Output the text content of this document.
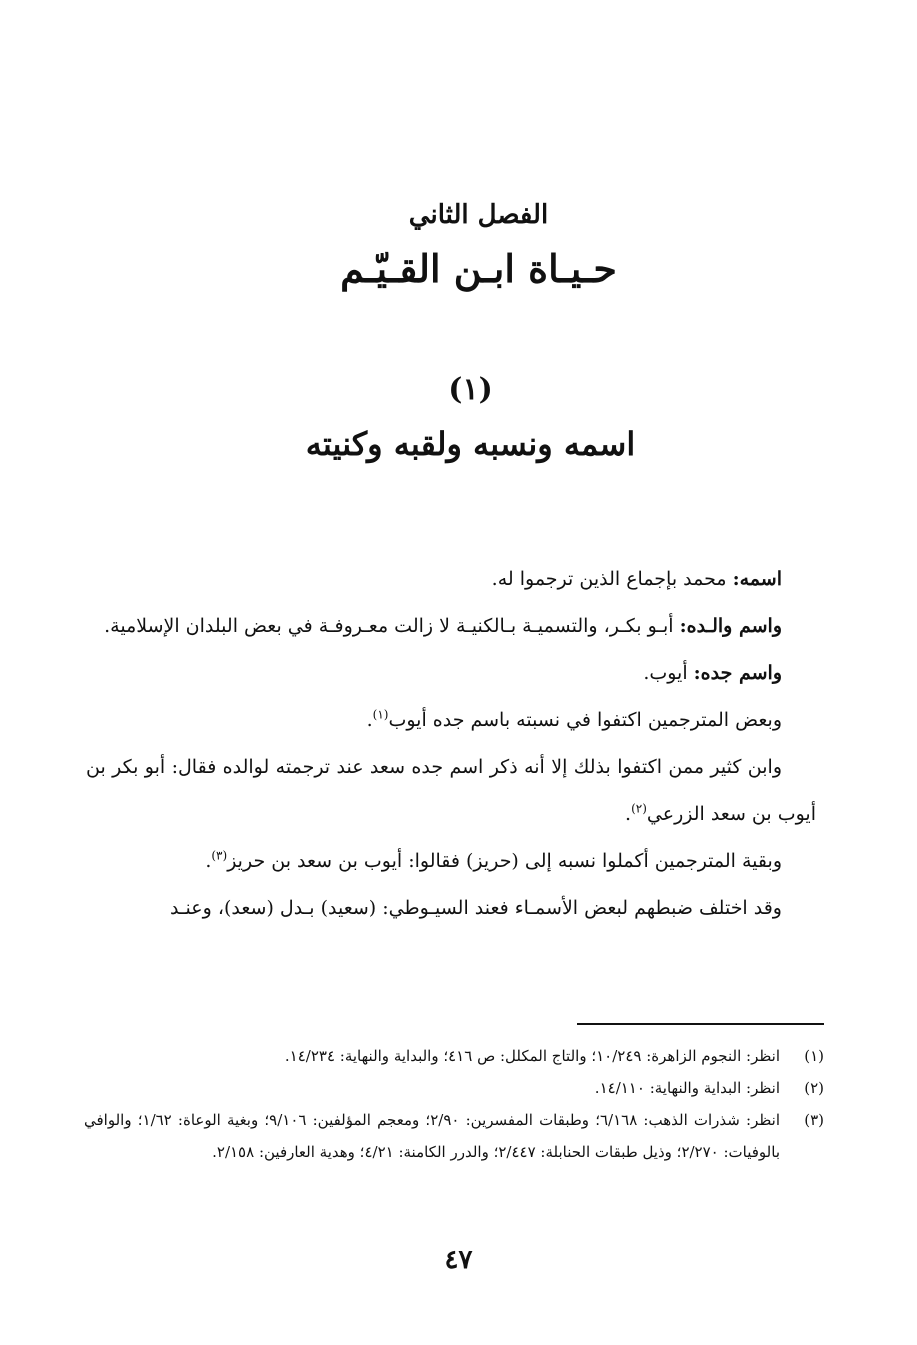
الفصل الثاني
حـيـاة ابـن القـيّـم
(١)
اسمه ونسبه ولقبه وكنيته

اسمه: محمد بإجماع الذين ترجموا له.

واسم والـده: أبـو بكـر، والتسميـة بـالكنيـة لا زالت معـروفـة في بعض البلدان الإسلامية.

واسم جده: أيوب.

وبعض المترجمين اكتفوا في نسبته باسم جده أيوب$^{(١)}$.

وابن كثير ممن اكتفوا بذلك إلا أنه ذكر اسم جده سعد عند ترجمته لوالده فقال: أبو بكر بن أيوب بن سعد الزرعي$^{(٢)}$.

وبقية المترجمين أكملوا نسبه إلى (حريز) فقالوا: أيوب بن سعد بن حريز$^{(٣)}$.

وقد اختلف ضبطهم لبعض الأسمـاء فعند السيـوطي: (سعيد) بـدل (سعد)، وعنـد

(١)
انظر: النجوم الزاهرة: ١٠/٢٤٩؛ والتاج المكلل: ص ٤١٦؛ والبداية والنهاية: ١٤/٢٣٤.
(٢)
انظر: البداية والنهاية: ١٤/١١٠.
(٣)
انظر: شذرات الذهب: ٦/١٦٨؛ وطبقات المفسرين: ٢/٩٠؛ ومعجم المؤلفين: ٩/١٠٦؛ وبغية الوعاة: ١/٦٢؛ والوافي بالوفيات: ٢/٢٧٠؛ وذيل طبقات الحنابلة: ٢/٤٤٧؛ والدرر الكامنة: ٤/٢١؛ وهدية العارفين: ٢/١٥٨.
٤٧
